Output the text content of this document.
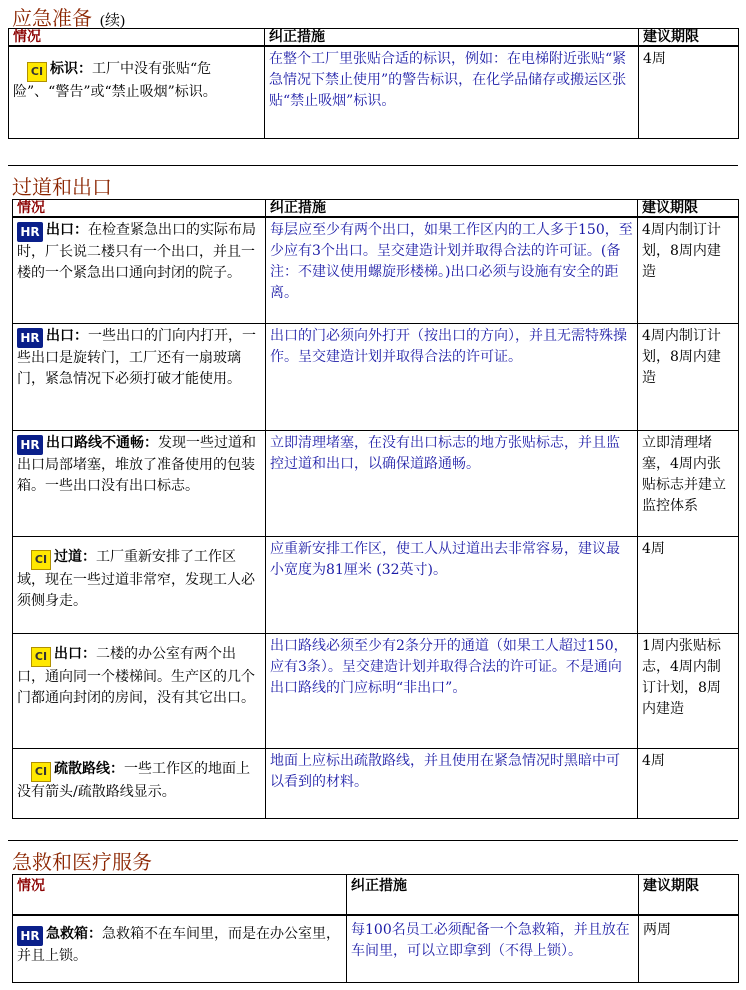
应急准备 (续)
情况	纠正措施	建议期限
CI 标识：工厂中没有张贴“危险”、“警告”或“禁止吸烟”标识。	在整个工厂里张贴合适的标识，例如：在电梯附近张贴“紧急情况下禁止使用”的警告标识，在化学品储存或搬运区张贴“禁止吸烟”标识。	4周
过道和出口
情况	纠正措施	建议期限
HR 出口：在检查紧急出口的实际布局时，厂长说二楼只有一个出口，并且一楼的一个紧急出口通向封闭的院子。	每层应至少有两个出口，如果工作区内的工人多于150，至少应有3个出口。呈交建造计划并取得合法的许可证。(备注：不建议使用螺旋形楼梯。)出口必须与设施有安全的距离。	4周内制订计划，8周内建造
HR 出口：一些出口的门向内打开，一些出口是旋转门，工厂还有一扇玻璃门，紧急情况下必须打破才能使用。	出口的门必须向外打开（按出口的方向），并且无需特殊操作。呈交建造计划并取得合法的许可证。	4周内制订计划，8周内建造
HR 出口路线不通畅：发现一些过道和出口局部堵塞，堆放了准备使用的包装箱。一些出口没有出口标志。	立即清理堵塞，在没有出口标志的地方张贴标志，并且监控过道和出口，以确保道路通畅。	立即清理堵塞，4周内张贴标志并建立监控体系
CI 过道：工厂重新安排了工作区域，现在一些过道非常窄，发现工人必须侧身走。	应重新安排工作区，使工人从过道出去非常容易，建议最小宽度为81厘米 (32英寸)。	4周
CI 出口：二楼的办公室有两个出口，通向同一个楼梯间。生产区的几个门都通向封闭的房间，没有其它出口。	出口路线必须至少有2条分开的通道（如果工人超过150，应有3条）。呈交建造计划并取得合法的许可证。不是通向出口路线的门应标明“非出口”。	1周内张贴标志，4周内制订计划，8周内建造
CI 疏散路线：一些工作区的地面上没有箭头/疏散路线显示。	地面上应标出疏散路线，并且使用在紧急情况时黑暗中可以看到的材料。	4周
急救和医疗服务
情况	纠正措施	建议期限
HR 急救箱：急救箱不在车间里，而是在办公室里，并且上锁。	每100名员工必须配备一个急救箱，并且放在车间里，可以立即拿到（不得上锁）。	两周
